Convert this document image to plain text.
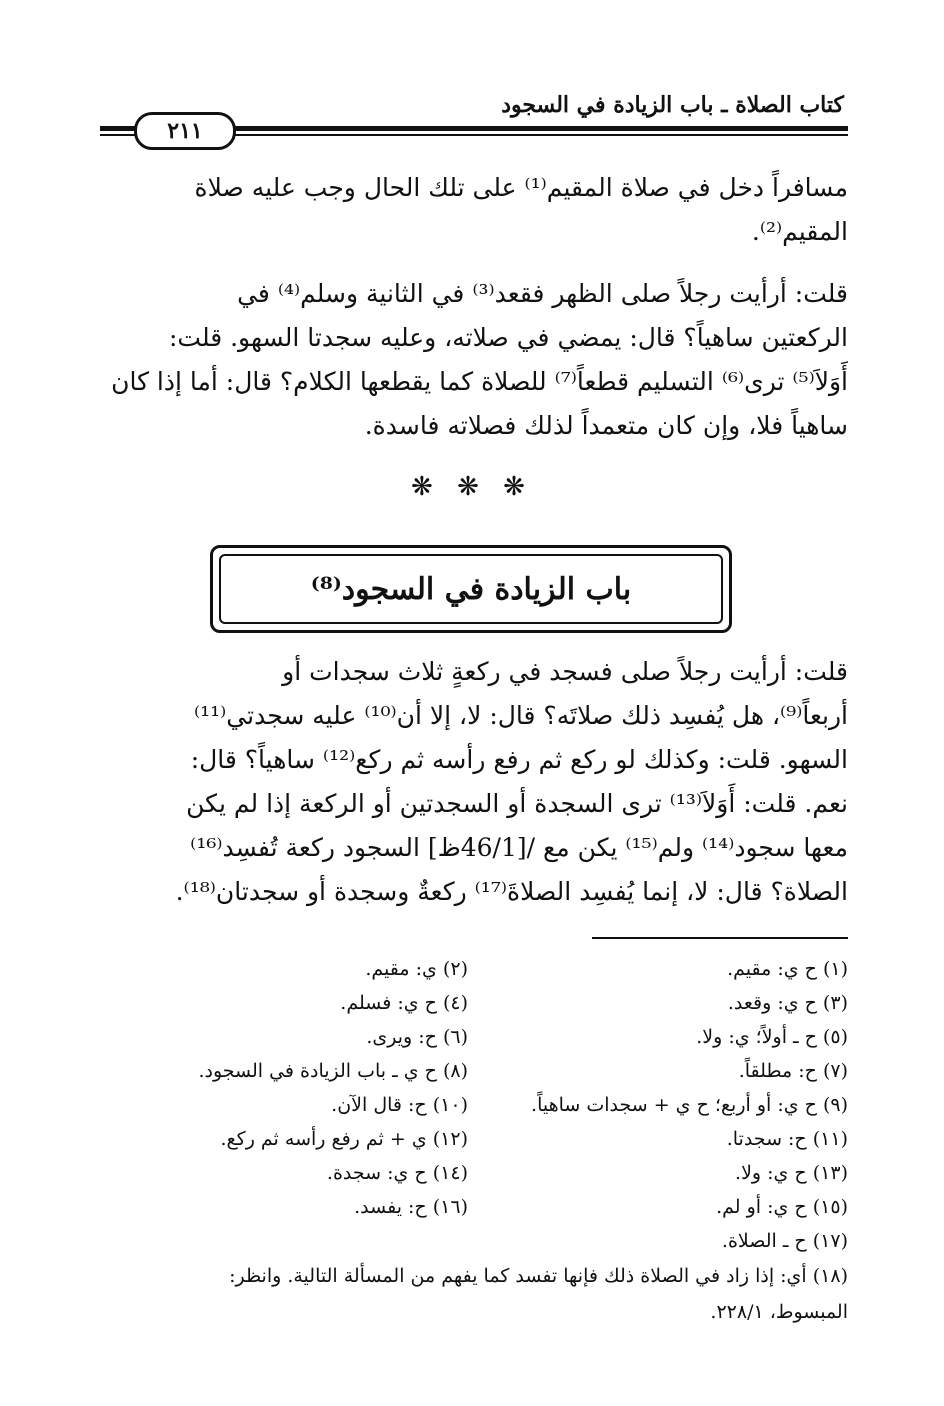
كتاب الصلاة ـ باب الزيادة في السجود
٢١١
مسافراً دخل في صلاة المقيم⁽¹⁾ على تلك الحال وجب عليه صلاة
المقيم⁽²⁾.
قلت: أرأيت رجلاً صلى الظهر فقعد⁽³⁾ في الثانية وسلم⁽⁴⁾ في
الركعتين ساهياً؟ قال: يمضي في صلاته، وعليه سجدتا السهو. قلت:
أَوَلاَ⁽⁵⁾ ترى⁽⁶⁾ التسليم قطعاً⁽⁷⁾ للصلاة كما يقطعها الكلام؟ قال: أما إذا كان
ساهياً فلا، وإن كان متعمداً لذلك فصلاته فاسدة.
❋ ❋ ❋
باب الزيادة في السجود⁽⁸⁾
قلت: أرأيت رجلاً صلى فسجد في ركعةٍ ثلاث سجدات أو
أربعاً⁽⁹⁾، هل يُفسِد ذلك صلاتَه؟ قال: لا، إلا أن⁽¹⁰⁾ عليه سجدتي⁽¹¹⁾
السهو. قلت: وكذلك لو ركع ثم رفع رأسه ثم ركع⁽¹²⁾ ساهياً؟ قال:
نعم. قلت: أَوَلاَ⁽¹³⁾ ترى السجدة أو السجدتين أو الركعة إذا لم يكن
معها سجود⁽¹⁴⁾ ولم⁽¹⁵⁾ يكن مع /[46/1ظ] السجود ركعة تُفسِد⁽¹⁶⁾
الصلاة؟ قال: لا، إنما يُفسِد الصلاةَ⁽¹⁷⁾ ركعةٌ وسجدة أو سجدتان⁽¹⁸⁾.
(١) ح ي: مقيم.
(٣) ح ي: وقعد.
(٥) ح ـ أولاً؛ ي: ولا.
(٧) ح: مطلقاً.
(٩) ح ي: أو أربع؛ ح ي + سجدات ساهياً.
(١١) ح: سجدتا.
(١٣) ح ي: ولا.
(١٥) ح ي: أو لم.
(١٧) ح ـ الصلاة.
(٢) ي: مقيم.
(٤) ح ي: فسلم.
(٦) ح: ويرى.
(٨) ح ي ـ باب الزيادة في السجود.
(١٠) ح: قال الآن.
(١٢) ي + ثم رفع رأسه ثم ركع.
(١٤) ح ي: سجدة.
(١٦) ح: يفسد.
(١٨) أي: إذا زاد في الصلاة ذلك فإنها تفسد كما يفهم من المسألة التالية. وانظر:
المبسوط، ٢٢٨/١.
